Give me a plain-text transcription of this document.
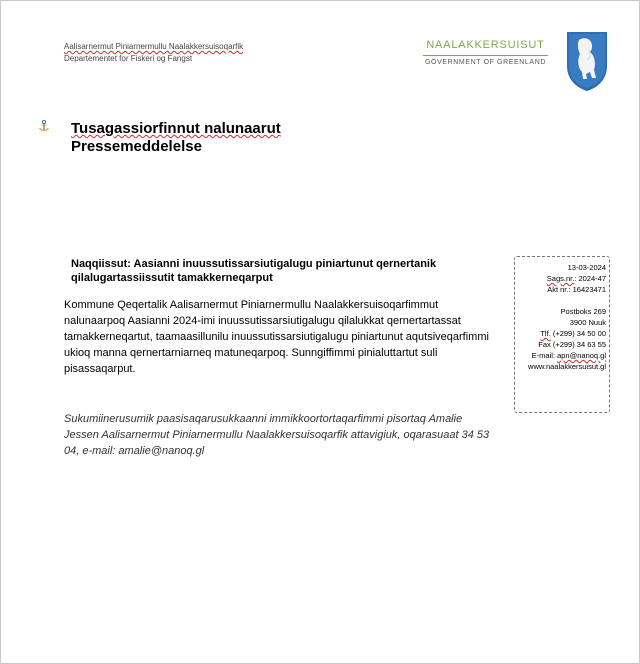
Aalisarnermut Piniarnermullu Naalakkersuisoqarfik
Departementet for Fiskeri og Fangst
NAALAKKERSUISUT
GOVERNMENT OF GREENLAND
Tusagassiorfinnut nalunaarut
Pressemeddelelse
Naqqiissut: Aasianni inuussutissarsiutigalugu piniartunut qernertanik qilalugartassiissutit tamakkerneqarput
Kommune Qeqertalik Aalisarnermut Piniarnermullu Naalakkersuisoqarfimmut nalunaarpoq Aasianni 2024-imi inuussutissarsiutigalugu qilalukkat qernertartassat tamakkerneqartut, taamaasillunilu inuussutissarsiutigalugu piniartunut aqutsiveqarfimmi ukioq manna qernertarniarneq matuneqarpoq. Sunngiffimmi pinialuttartut suli pisassaqarput.
Sukumiinerusumik paasisaqarusukkaanni immikkoortortaqarfimmi pisortaq Amalie Jessen Aalisarnermut Piniarnermullu Naalakkersuisoqarfik attavigiuk, oqarasuaat 34 53 04, e-mail: amalie@nanoq.gl
13-03-2024
Sags.nr.: 2024-47
Akt nr.: 16423471
Postboks 269
3900 Nuuk
Tlf. (+299) 34 50 00
Fax (+299) 34 63 55
E-mail: apn@nanoq.gl
www.naalakkersuisut.gl
